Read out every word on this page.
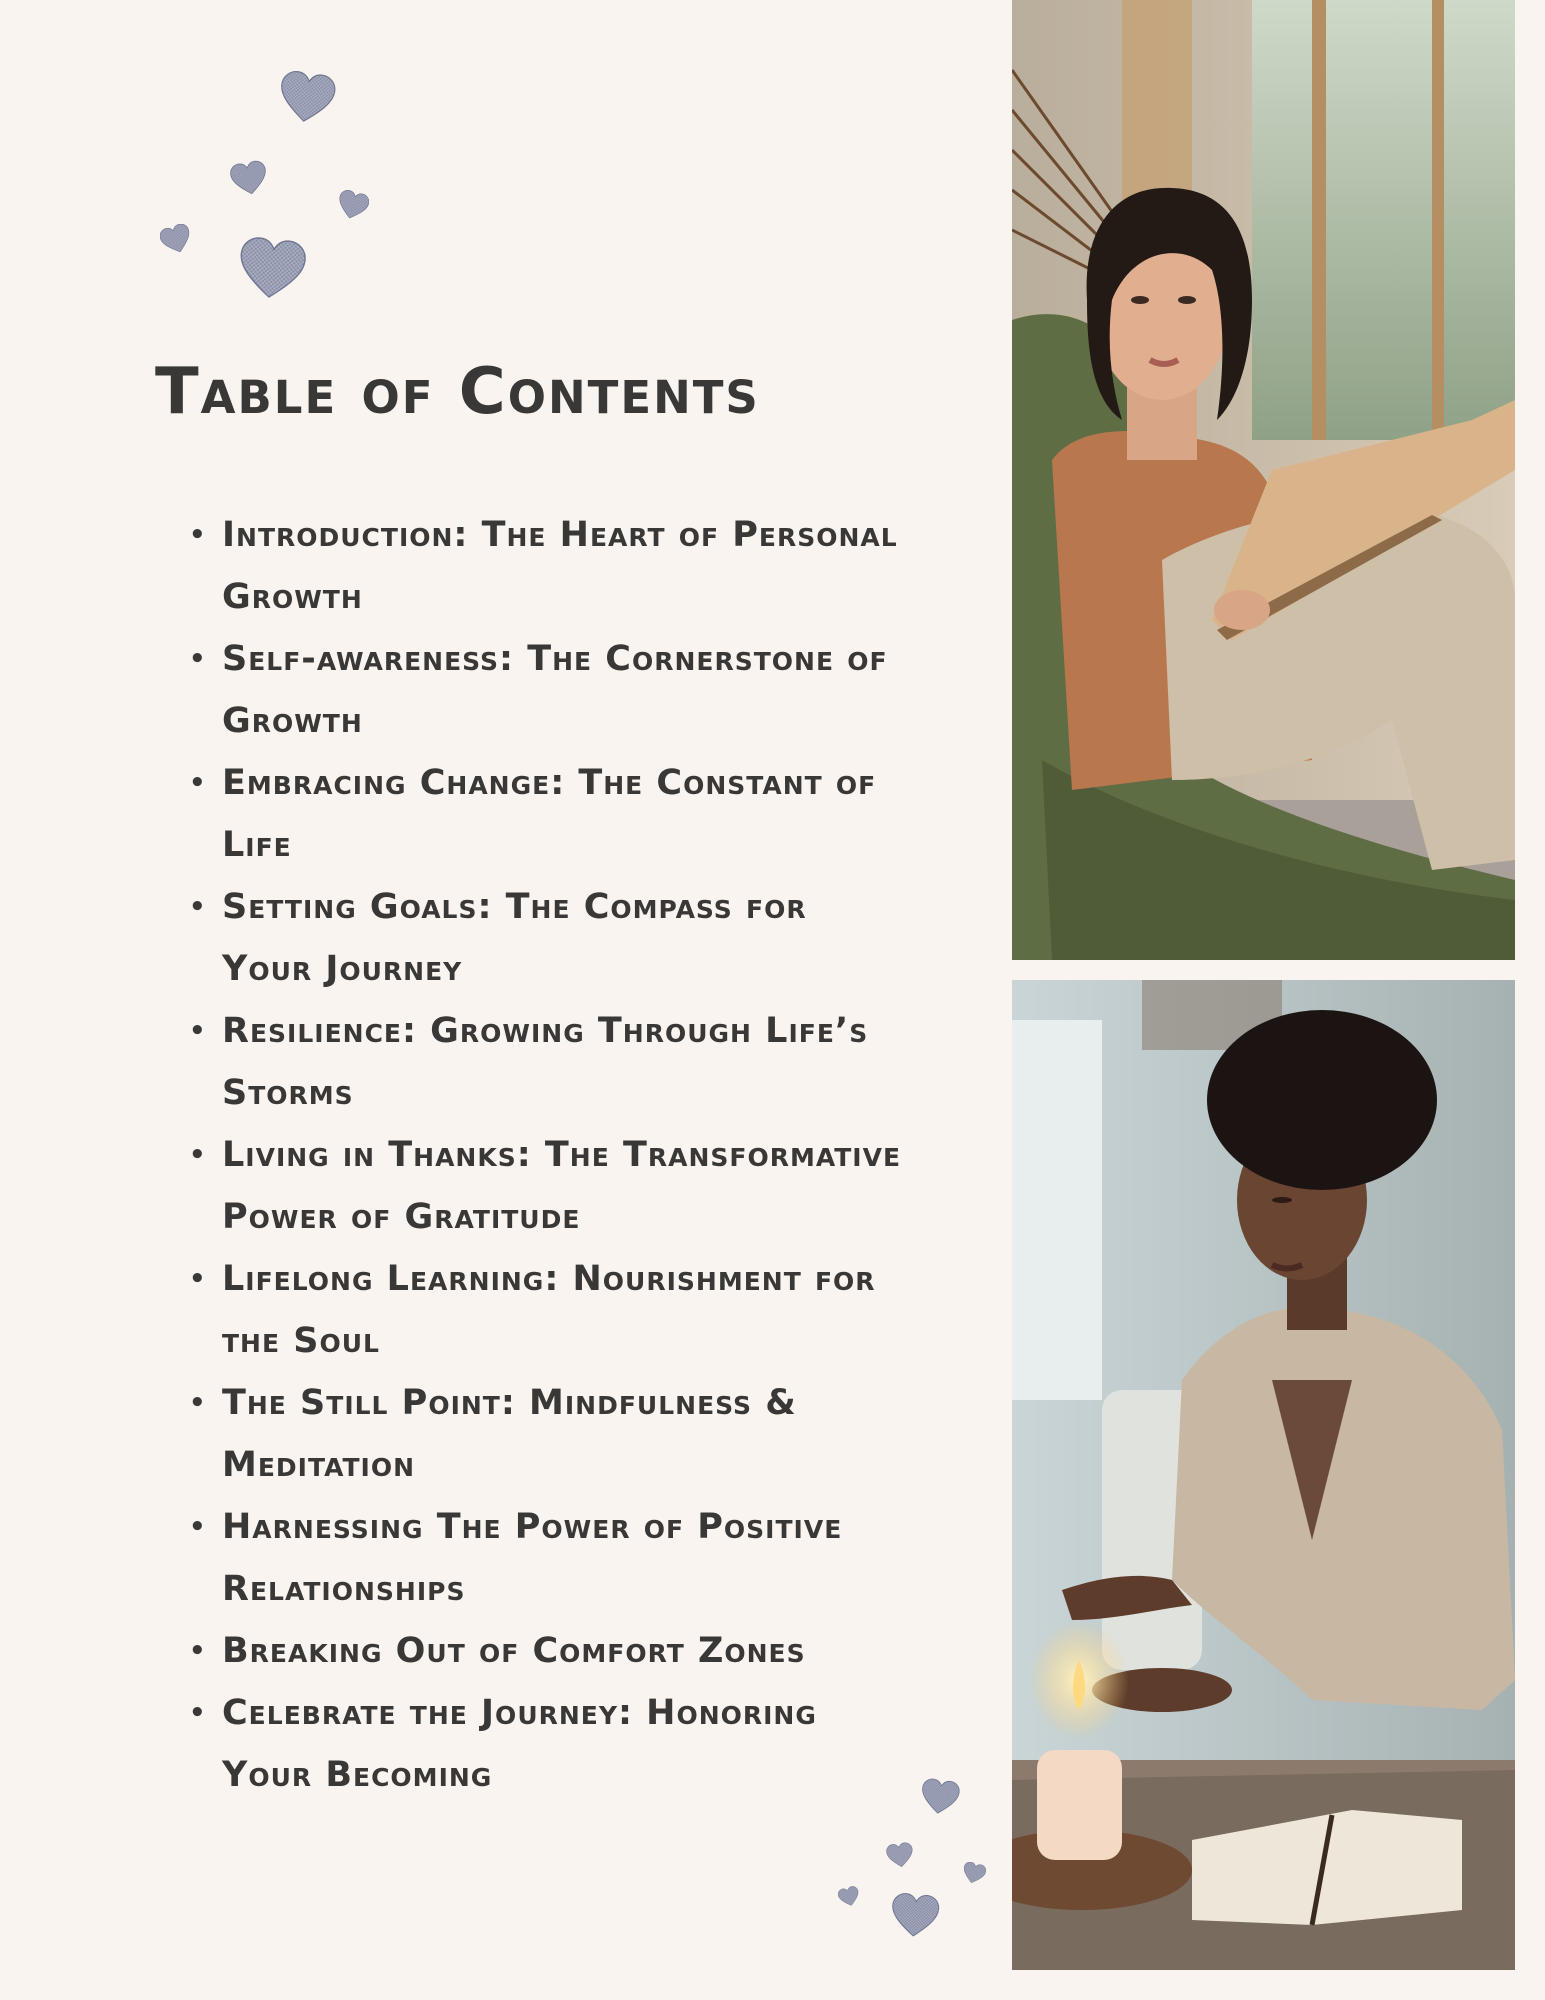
Table of Contents
• Introduction: The Heart of Personal Growth
• Self-awareness: The Cornerstone of Growth
• Embracing Change: The Constant of Life
• Setting Goals: The Compass for Your Journey
• Resilience: Growing Through Life’s Storms
• Living in Thanks: The Transformative Power of Gratitude
• Lifelong Learning: Nourishment for the Soul
• The Still Point: Mindfulness & Meditation
• Harnessing The Power of Positive Relationships
• Breaking Out of Comfort Zones
• Celebrate the Journey: Honoring Your Becoming
